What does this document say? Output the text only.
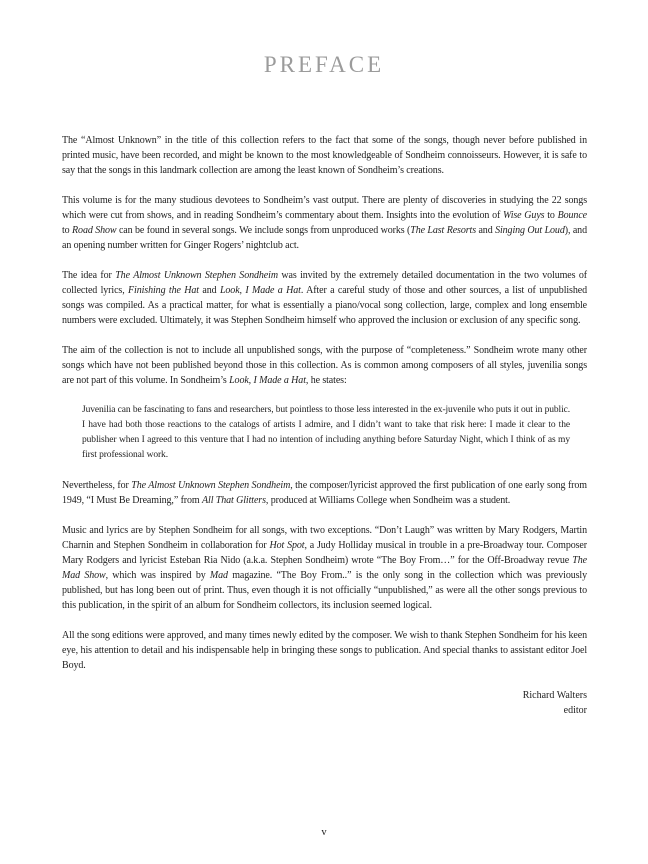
PREFACE

The “Almost Unknown” in the title of this collection refers to the fact that some of the songs, though never before published in printed music, have been recorded, and might be known to the most knowledgeable of Sondheim connoisseurs. However, it is safe to say that the songs in this landmark collection are among the least known of Sondheim’s creations.

This volume is for the many studious devotees to Sondheim’s vast output. There are plenty of discoveries in studying the 22 songs which were cut from shows, and in reading Sondheim’s commentary about them. Insights into the evolution of Wise Guys to Bounce to Road Show can be found in several songs. We include songs from unproduced works (The Last Resorts and Singing Out Loud), and an opening number written for Ginger Rogers’ nightclub act.

The idea for The Almost Unknown Stephen Sondheim was invited by the extremely detailed documentation in the two volumes of collected lyrics, Finishing the Hat and Look, I Made a Hat. After a careful study of those and other sources, a list of unpublished songs was compiled. As a practical matter, for what is essentially a piano/vocal song collection, large, complex and long ensemble numbers were excluded. Ultimately, it was Stephen Sondheim himself who approved the inclusion or exclusion of any specific song.

The aim of the collection is not to include all unpublished songs, with the purpose of “completeness.” Sondheim wrote many other songs which have not been published beyond those in this collection. As is common among composers of all styles, juvenilia songs are not part of this volume. In Sondheim’s Look, I Made a Hat, he states:

Juvenilia can be fascinating to fans and researchers, but pointless to those less interested in the ex-juvenile who puts it out in public. I have had both those reactions to the catalogs of artists I admire, and I didn’t want to take that risk here: I made it clear to the publisher when I agreed to this venture that I had no intention of including anything before Saturday Night, which I think of as my first professional work.

Nevertheless, for The Almost Unknown Stephen Sondheim, the composer/lyricist approved the first publication of one early song from 1949, “I Must Be Dreaming,” from All That Glitters, produced at Williams College when Sondheim was a student.

Music and lyrics are by Stephen Sondheim for all songs, with two exceptions. “Don’t Laugh” was written by Mary Rodgers, Martin Charnin and Stephen Sondheim in collaboration for Hot Spot, a Judy Holliday musical in trouble in a pre-Broadway tour. Composer Mary Rodgers and lyricist Esteban Ria Nido (a.k.a. Stephen Sondheim) wrote “The Boy From…” for the Off-Broadway revue The Mad Show, which was inspired by Mad magazine. “The Boy From..” is the only song in the collection which was previously published, but has long been out of print. Thus, even though it is not officially “unpublished,” as were all the other songs previous to this publication, in the spirit of an album for Sondheim collectors, its inclusion seemed logical.

All the song editions were approved, and many times newly edited by the composer. We wish to thank Stephen Sondheim for his keen eye, his attention to detail and his indispensable help in bringing these songs to publication. And special thanks to assistant editor Joel Boyd.

Richard Walters
editor
v
